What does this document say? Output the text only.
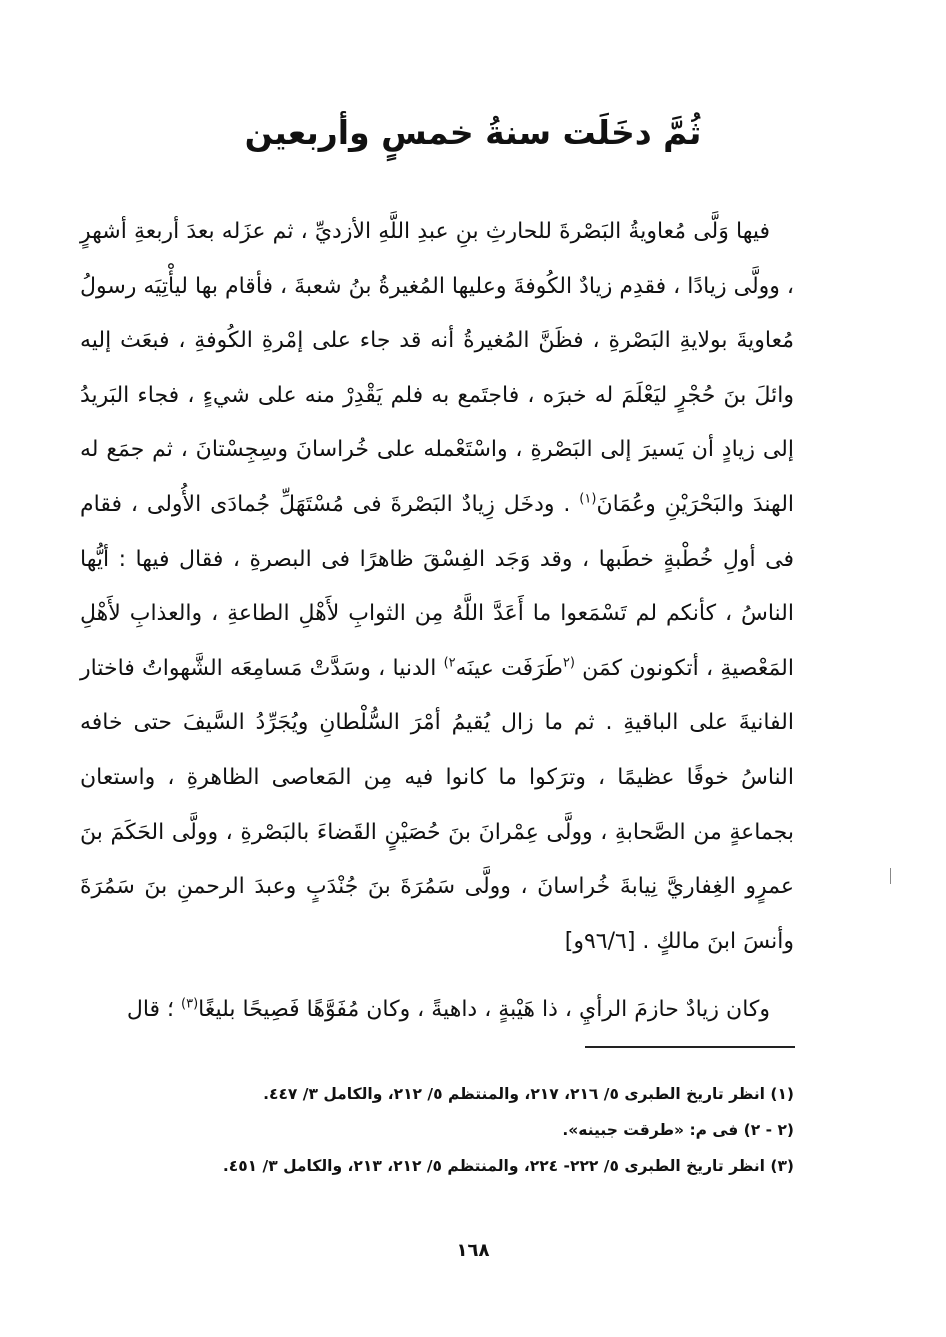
ثُمَّ دخَلَت سنةُ خمسٍ وأربعين

فيها وَلَّى مُعاويةُ البَصْرةَ للحارثِ بنِ عبدِ اللَّهِ الأزديِّ ، ثم عزَله بعدَ أربعةِ أشهرٍ ، وولَّى زيادًا ، فقدِم زيادٌ الكُوفةَ وعليها المُغيرةُ بنُ شعبةَ ، فأقام بها ليأْتِيَه رسولُ مُعاويةَ بولايةِ البَصْرةِ ، فظَنَّ المُغيرةُ أنه قد جاء على إمْرةِ الكُوفةِ ، فبعَث إليه وائلَ بنَ حُجْرٍ ليَعْلَمَ له خبرَه ، فاجتَمع به فلم يَقْدِرْ منه على شيءٍ ، فجاء البَريدُ إلى زيادٍ أن يَسيرَ إلى البَصْرةِ ، واسْتَعْمله على خُراسانَ وسِجِسْتانَ ، ثم جمَع له الهندَ والبَحْرَيْنِ وعُمَانَ$^{(١)}$ . ودخَل زِيادٌ البَصْرةَ فى مُسْتَهَلِّ جُمادَى الأُولى ، فقام فى أولِ خُطْبةٍ خطَبها ، وقد وَجَد الفِسْقَ ظاهرًا فى البصرةِ ، فقال فيها : أيُّها الناسُ ، كأنكم لم تَسْمَعوا ما أَعَدَّ اللَّهُ مِن الثوابِ لأَهْلِ الطاعةِ ، والعذابِ لأَهْلِ المَعْصيةِ ، أتكونون كمَن $^{(٢}$طَرَفَت عينَه$^{٢)}$ الدنيا ، وسَدَّتْ مَسامِعَه الشَّهواتُ فاختار الفانيةَ على الباقيةِ . ثم ما زال يُقيمُ أمْرَ السُّلْطانِ ويُجَرِّدُ السَّيفَ حتى خافه الناسُ خوفًا عظيمًا ، وترَكوا ما كانوا فيه مِن المَعاصى الظاهرةِ ، واستعان بجماعةٍ من الصَّحابةِ ، وولَّى عِمْرانَ بنَ حُصَيْنٍ القَضاءَ بالبَصْرةِ ، وولَّى الحَكَمَ بنَ عمرٍو الغِفاريَّ نِيابةَ خُراسانَ ، وولَّى سَمُرَةَ بنَ جُنْدَبٍ وعبدَ الرحمنِ بنَ سَمُرَةَ وأنسَ ابنَ مالكٍ . [٩٦/٦و]

وكان زيادٌ حازمَ الرأيِ ، ذا هَيْبةٍ ، داهيةً ، وكان مُفَوَّهًا فَصِيحًا بليغًا$^{(٣)}$ ؛ قال

(١) انظر تاريخ الطبرى ٥/ ٢١٦، ٢١٧، والمنتظم ٥/ ٢١٢، والكامل ٣/ ٤٤٧.
(٢ - ٢) فى م: «طرقت جبينه».
(٣) انظر تاريخ الطبرى ٥/ ٢٢٢- ٢٢٤، والمنتظم ٥/ ٢١٢، ٢١٣، والكامل ٣/ ٤٥١.
١٦٨
